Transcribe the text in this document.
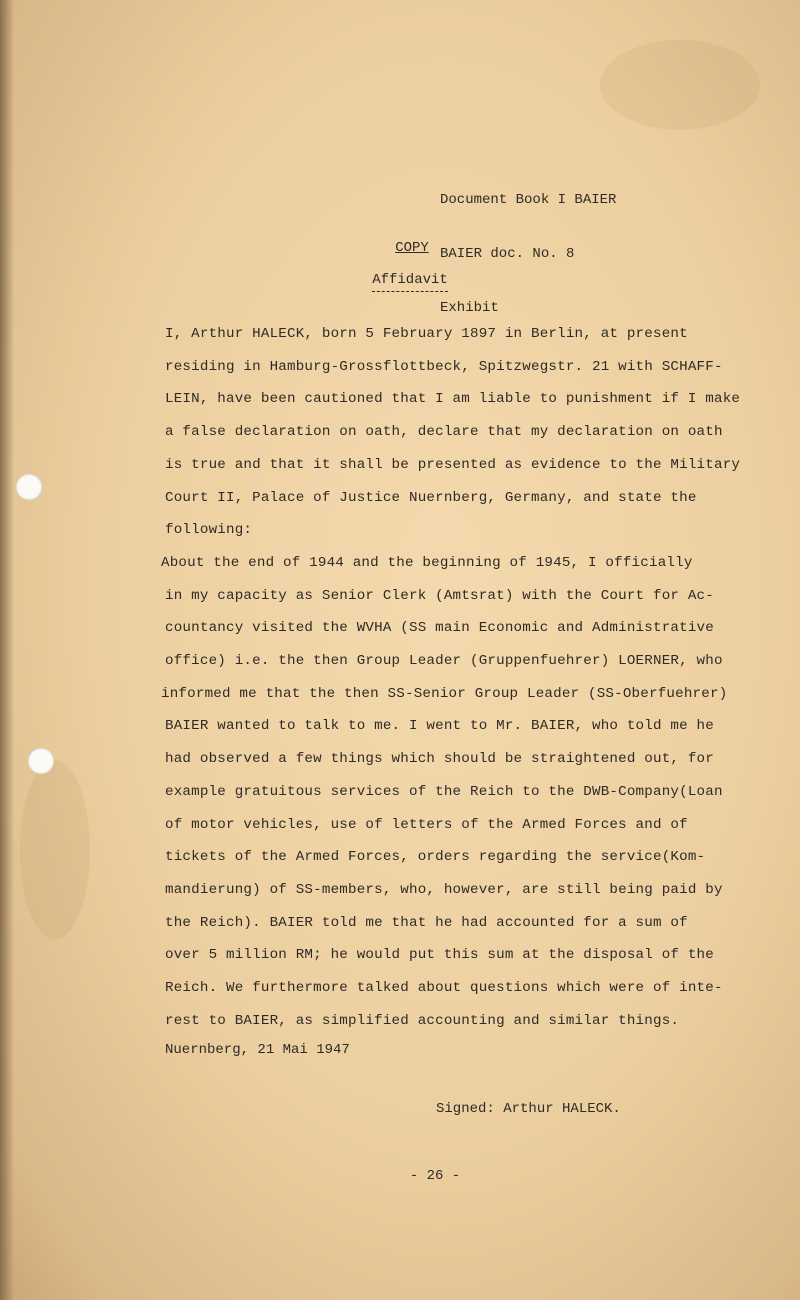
Document Book I BAIER

BAIER doc. No. 8

Exhibit

COPY
Affidavit
I, Arthur HALECK, born 5 February 1897 in Berlin, at present
residing in Hamburg-Grossflottbeck, Spitzwegstr. 21 with SCHAFF-
LEIN, have been cautioned that I am liable to punishment if I make
a false declaration on oath, declare that my declaration on oath
is true and that it shall be presented as evidence to the Military
Court II, Palace of Justice Nuernberg, Germany, and state the
following:
About the end of 1944 and the beginning of 1945, I officially
in my capacity as Senior Clerk (Amtsrat) with the Court for Ac-
countancy visited the WVHA (SS main Economic and Administrative
office) i.e. the then Group Leader (Gruppenfuehrer) LOERNER, who
informed me that the then SS-Senior Group Leader (SS-Oberfuehrer)
BAIER wanted to talk to me. I went to Mr. BAIER, who told me he
had observed a few things which should be straightened out, for
example gratuitous services of the Reich to the DWB-Company(Loan
of motor vehicles, use of letters of the Armed Forces and of
tickets of the Armed Forces, orders regarding the service(Kom-
mandierung) of SS-members, who, however, are still being paid by
the Reich). BAIER told me that he had accounted for a sum of
over 5 million RM; he would put this sum at the disposal of the
Reich. We furthermore talked about questions which were of inte-
rest to BAIER, as simplified accounting and similar things.
Nuernberg, 21 Mai 1947
Signed: Arthur HALECK.
- 26 -
